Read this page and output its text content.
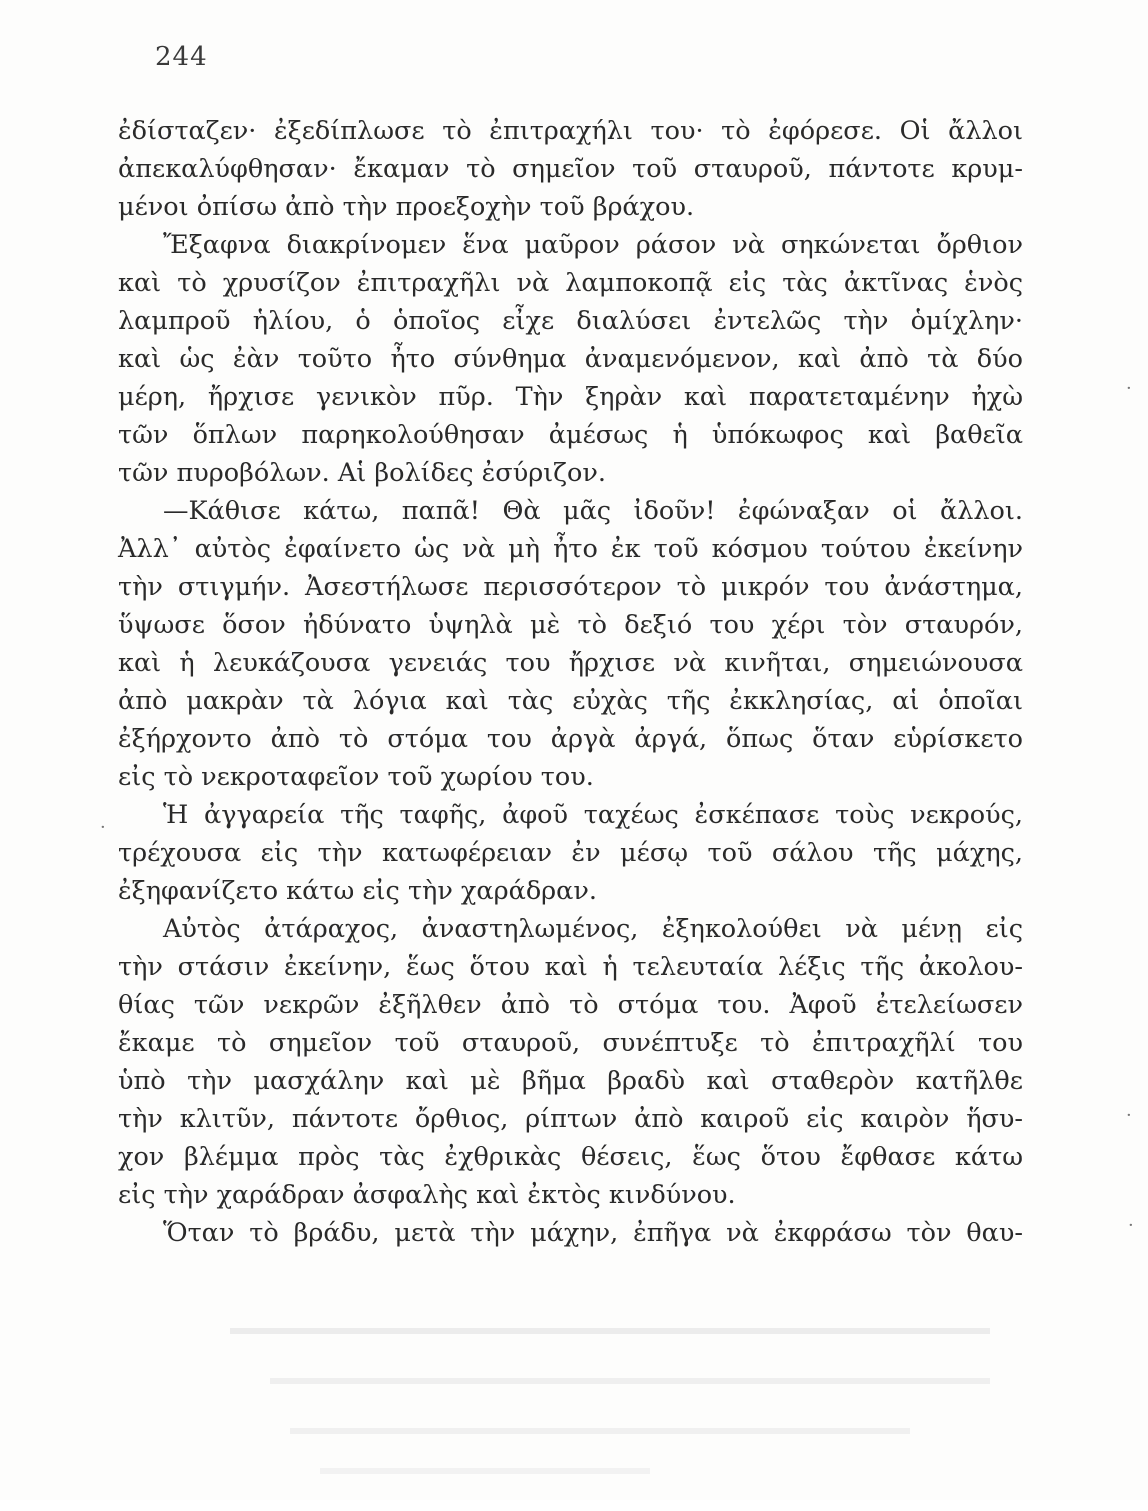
244
ἐδίσταζεν· ἐξεδίπλωσε τὸ ἐπιτραχήλι του· τὸ ἐφόρεσε. Οἱ ἄλλοι
ἀπεκαλύφθησαν· ἔκαμαν τὸ σημεῖον τοῦ σταυροῦ, πάντοτε κρυμ-
μένοι ὀπίσω ἀπὸ τὴν προεξοχὴν τοῦ βράχου.
Ἔξαφνα διακρίνομεν ἕνα μαῦρον ράσον νὰ σηκώνεται ὄρθιον
καὶ τὸ χρυσίζον ἐπιτραχῆλι νὰ λαμποκοπᾷ εἰς τὰς ἀκτῖνας ἑνὸς
λαμπροῦ ἡλίου, ὁ ὁποῖος εἶχε διαλύσει ἐντελῶς τὴν ὁμίχλην·
καὶ ὡς ἐὰν τοῦτο ἦτο σύνθημα ἀναμενόμενον, καὶ ἀπὸ τὰ δύο
μέρη, ἤρχισε γενικὸν πῦρ. Τὴν ξηρὰν καὶ παρατεταμένην ἠχὼ
τῶν ὅπλων παρηκολούθησαν ἀμέσως ἡ ὑπόκωφος καὶ βαθεῖα
τῶν πυροβόλων. Αἱ βολίδες ἐσύριζον.
—Κάθισε κάτω, παπᾶ! Θὰ μᾶς ἰδοῦν! ἐφώναξαν οἱ ἄλλοι.
Ἀλλ᾽ αὐτὸς ἐφαίνετο ὡς νὰ μὴ ἦτο ἐκ τοῦ κόσμου τούτου ἐκείνην
τὴν στιγμήν. Ἀσεστήλωσε περισσότερον τὸ μικρόν του ἀνάστημα,
ὕψωσε ὅσον ἠδύνατο ὑψηλὰ μὲ τὸ δεξιό του χέρι τὸν σταυρόν,
καὶ ἡ λευκάζουσα γενειάς του ἤρχισε νὰ κινῆται, σημειώνουσα
ἀπὸ μακρὰν τὰ λόγια καὶ τὰς εὐχὰς τῆς ἐκκλησίας, αἱ ὁποῖαι
ἐξήρχοντο ἀπὸ τὸ στόμα του ἀργὰ ἀργά, ὅπως ὅταν εὑρίσκετο
εἰς τὸ νεκροταφεῖον τοῦ χωρίου του.
Ἡ ἀγγαρεία τῆς ταφῆς, ἀφοῦ ταχέως ἐσκέπασε τοὺς νεκρούς,
τρέχουσα εἰς τὴν κατωφέρειαν ἐν μέσῳ τοῦ σάλου τῆς μάχης,
ἐξηφανίζετο κάτω εἰς τὴν χαράδραν.
Αὐτὸς ἀτάραχος, ἀναστηλωμένος, ἐξηκολούθει νὰ μένῃ εἰς
τὴν στάσιν ἐκείνην, ἕως ὅτου καὶ ἡ τελευταία λέξις τῆς ἀκολου-
θίας τῶν νεκρῶν ἐξῆλθεν ἀπὸ τὸ στόμα του. Ἀφοῦ ἐτελείωσεν
ἔκαμε τὸ σημεῖον τοῦ σταυροῦ, συνέπτυξε τὸ ἐπιτραχῆλί του
ὑπὸ τὴν μασχάλην καὶ μὲ βῆμα βραδὺ καὶ σταθερὸν κατῆλθε
τὴν κλιτῦν, πάντοτε ὄρθιος, ρίπτων ἀπὸ καιροῦ εἰς καιρὸν ἥσυ-
χον βλέμμα πρὸς τὰς ἐχθρικὰς θέσεις, ἕως ὅτου ἔφθασε κάτω
εἰς τὴν χαράδραν ἀσφαλὴς καὶ ἐκτὸς κινδύνου.
Ὅταν τὸ βράδυ, μετὰ τὴν μάχην, ἐπῆγα νὰ ἐκφράσω τὸν θαυ-
·
·
·
·
